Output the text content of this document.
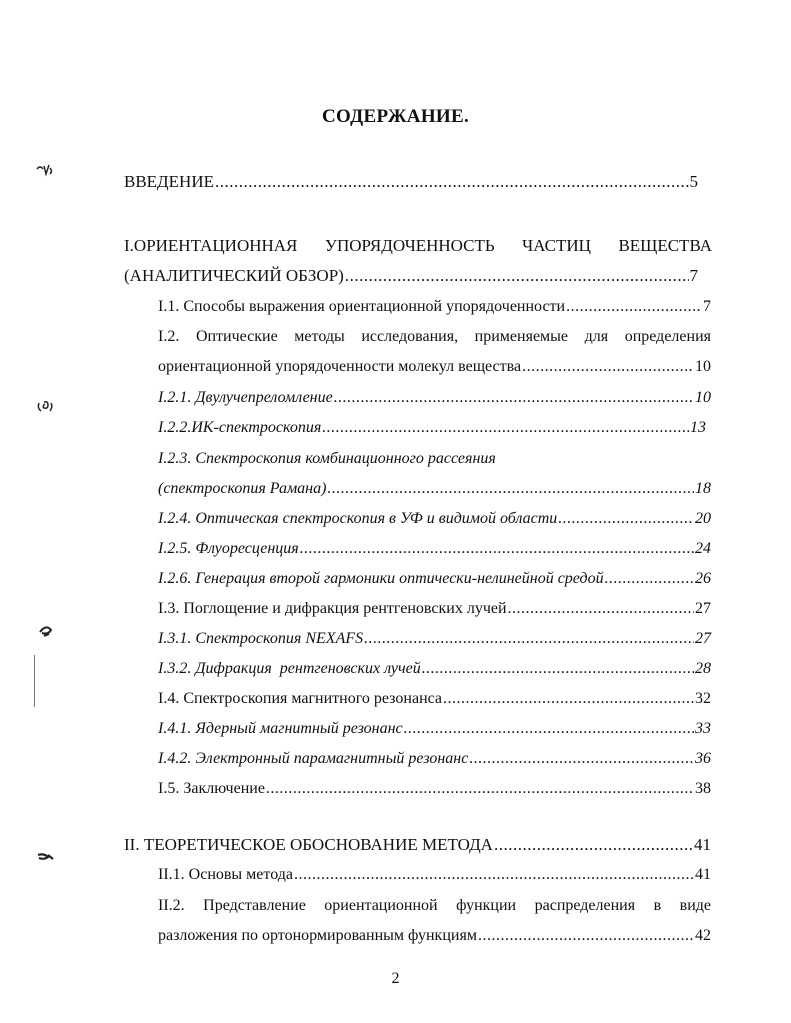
СОДЕРЖАНИЕ.
ВВЕДЕНИЕ .....	5
I.ОРИЕНТАЦИОННАЯ УПОРЯДОЧЕННОСТЬ ЧАСТИЦ ВЕЩЕСТВА
(АНАЛИТИЧЕСКИЙ ОБЗОР) .....	7
I.1. Способы выражения ориентационной упорядоченности .....	7
I.2. Оптические методы исследования, применяемые для определения
ориентационной упорядоченности молекул вещества .....	10
I.2.1. Двулучепреломление .....	10
I.2.2.ИК-спектроскопия .....	13
I.2.3. Спектроскопия комбинационного рассеяния
(спектроскопия Рамана) .....	18
I.2.4. Оптическая спектроскопия в УФ и видимой области .....	20
I.2.5. Флуоресценция .....	24
I.2.6. Генерация второй гармоники оптически-нелинейной средой .....	26
I.3. Поглощение и дифракция рентгеновских лучей .....	27
I.3.1. Спектроскопия NEXAFS .....	27
I.3.2. Дифракция  рентгеновских лучей .....	28
I.4. Спектроскопия магнитного резонанса .....	32
I.4.1. Ядерный магнитный резонанс .....	33
I.4.2. Электронный парамагнитный резонанс .....	36
I.5. Заключение .....	38
II. ТЕОРЕТИЧЕСКОЕ ОБОСНОВАНИЕ МЕТОДА .....	41
II.1. Основы метода .....	41
II.2. Представление ориентационной функции распределения в виде
разложения по ортонормированным функциям .....	42
2
